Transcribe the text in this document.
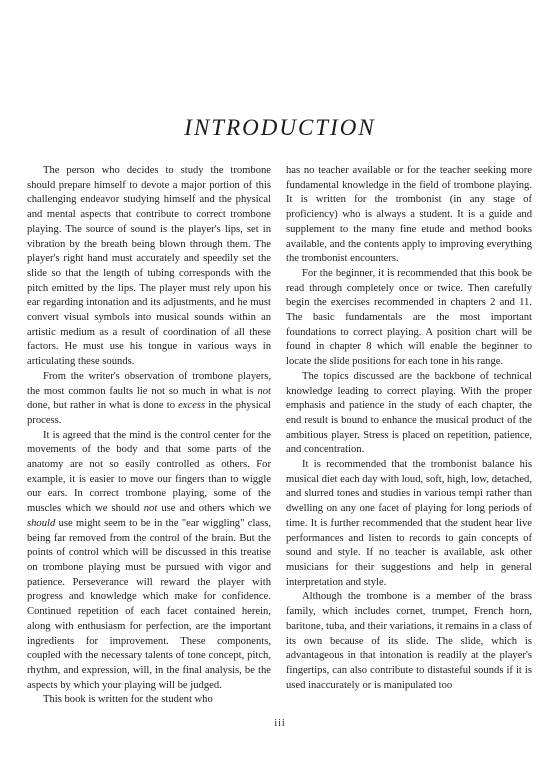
INTRODUCTION

The person who decides to study the trombone should prepare himself to devote a major portion of this challenging endeavor studying himself and the physical and mental aspects that contribute to correct trombone playing. The source of sound is the player's lips, set in vibration by the breath being blown through them. The player's right hand must accurately and speedily set the slide so that the length of tubing corresponds with the pitch emitted by the lips. The player must rely upon his ear regarding intonation and its adjustments, and he must convert visual symbols into musical sounds within an artistic medium as a result of coordination of all these factors. He must use his tongue in various ways in articulating these sounds.

From the writer's observation of trombone players, the most common faults lie not so much in what is not done, but rather in what is done to excess in the physical process.

It is agreed that the mind is the control center for the movements of the body and that some parts of the anatomy are not so easily controlled as others. For example, it is easier to move our fingers than to wiggle our ears. In correct trombone playing, some of the muscles which we should not use and others which we should use might seem to be in the "ear wiggling" class, being far removed from the control of the brain. But the points of control which will be discussed in this treatise on trombone playing must be pursued with vigor and patience. Perseverance will reward the player with progress and knowledge which make for confidence. Continued repetition of each facet contained herein, along with enthusiasm for perfection, are the important ingredients for improvement. These components, coupled with the necessary talents of tone concept, pitch, rhythm, and expression, will, in the final analysis, be the aspects by which your playing will be judged.

This book is written for the student who

has no teacher available or for the teacher seeking more fundamental knowledge in the field of trombone playing. It is written for the trombonist (in any stage of proficiency) who is always a student. It is a guide and supplement to the many fine etude and method books available, and the contents apply to improving everything the trombonist encounters.

For the beginner, it is recommended that this book be read through completely once or twice. Then carefully begin the exercises recommended in chapters 2 and 11. The basic fundamentals are the most important foundations to correct playing. A position chart will be found in chapter 8 which will enable the beginner to locate the slide positions for each tone in his range.

The topics discussed are the backbone of technical knowledge leading to correct playing. With the proper emphasis and patience in the study of each chapter, the end result is bound to enhance the musical product of the ambitious player. Stress is placed on repetition, patience, and concentration.

It is recommended that the trombonist balance his musical diet each day with loud, soft, high, low, detached, and slurred tones and studies in various tempi rather than dwelling on any one facet of playing for long periods of time. It is further recommended that the student hear live performances and listen to records to gain concepts of sound and style. If no teacher is available, ask other musicians for their suggestions and help in general interpretation and style.

Although the trombone is a member of the brass family, which includes cornet, trumpet, French horn, baritone, tuba, and their variations, it remains in a class of its own because of its slide. The slide, which is advantageous in that intonation is readily at the player's fingertips, can also contribute to distasteful sounds if it is used inaccurately or is manipulated too

iii
